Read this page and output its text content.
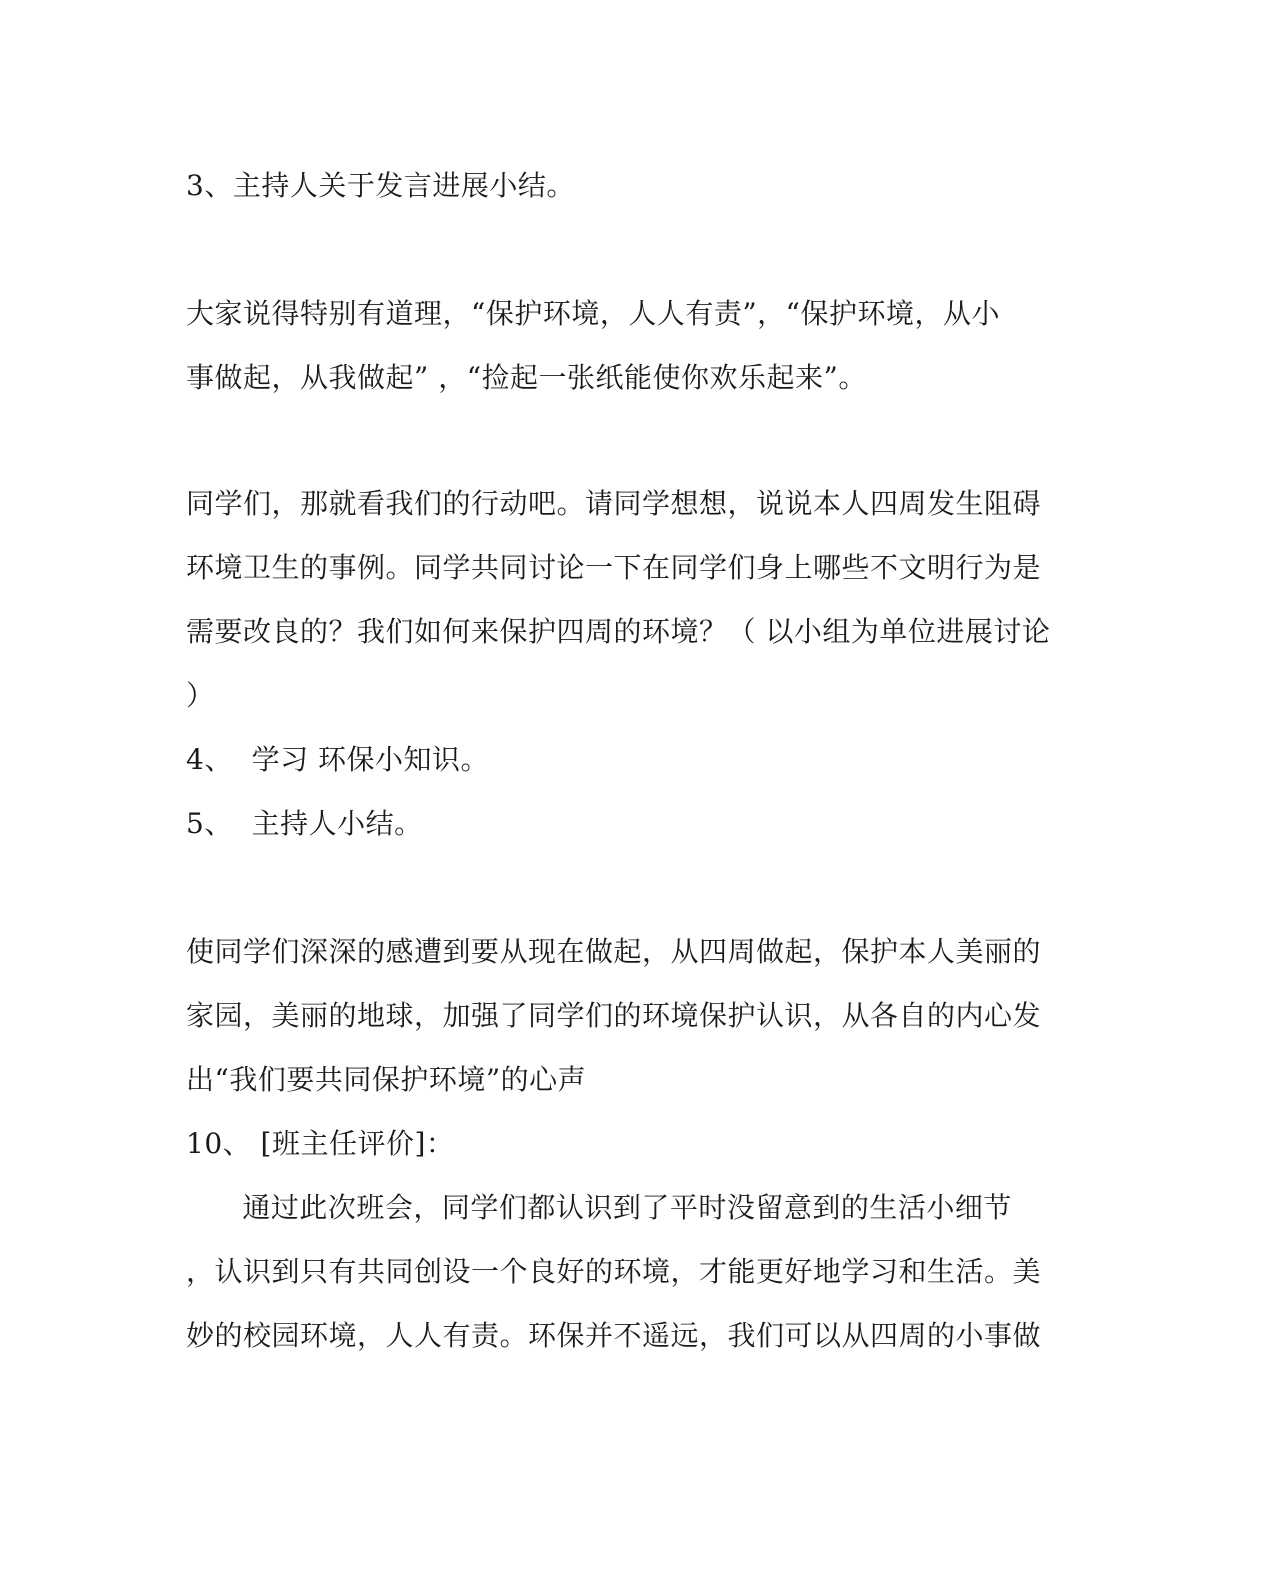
3、主持人关于发言进展小结。
大家说得特别有道理，“保护环境，人人有责”，“保护环境，从小
事做起，从我做起” ，“捡起一张纸能使你欢乐起来”。
同学们，那就看我们的行动吧。请同学想想，说说本人四周发生阻碍
环境卫生的事例。同学共同讨论一下在同学们身上哪些不文明行为是
需要改良的？我们如何来保护四周的环境？（ 以小组为单位进展讨论
）
4、  学习 环保小知识。
5、  主持人小结。
使同学们深深的感遭到要从现在做起，从四周做起，保护本人美丽的
家园，美丽的地球，加强了同学们的环境保护认识，从各自的内心发
出“我们要共同保护环境”的心声
10、 [班主任评价]：
通过此次班会，同学们都认识到了平时没留意到的生活小细节
，认识到只有共同创设一个良好的环境，才能更好地学习和生活。美
妙的校园环境，人人有责。环保并不遥远，我们可以从四周的小事做
